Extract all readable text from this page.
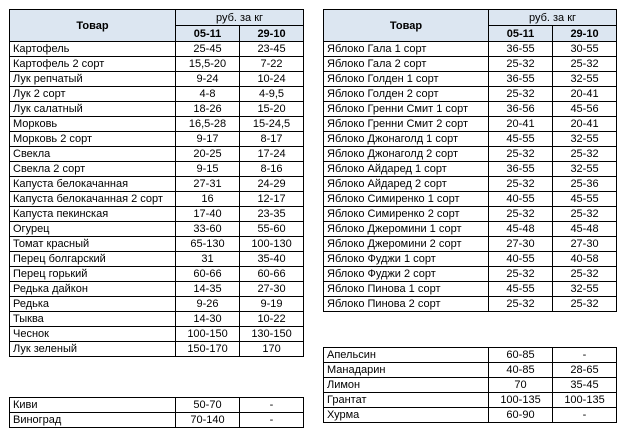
Товар	руб. за кг	
	05-11	29-10
Картофель	25-45	23-45
Картофель 2 сорт	15,5-20	7-22
Лук репчатый	9-24	10-24
Лук 2 сорт	4-8	4-9,5
Лук салатный	18-26	15-20
Морковь	16,5-28	15-24,5
Морковь 2 сорт	9-17	8-17
Свекла	20-25	17-24
Свекла 2 сорт	9-15	8-16
Капуста белокачанная	27-31	24-29
Капуста белокачанная 2 сорт	16	12-17
Капуста пекинская	17-40	23-35
Огурец	33-60	55-60
Томат красный	65-130	100-130
Перец болгарский	31	35-40
Перец горький	60-66	60-66
Редька дайкон	14-35	27-30
Редька	9-26	9-19
Тыква	14-30	10-22
Чеснок	100-150	130-150
Лук зеленый	150-170	170
Киви	50-70	-
Виноград	70-140	-
Товар	руб. за кг	
	05-11	29-10
Яблоко Гала 1 сорт	36-55	30-55
Яблоко Гала 2 сорт	25-32	25-32
Яблоко Голден 1 сорт	36-55	32-55
Яблоко Голден 2 сорт	25-32	20-41
Яблоко Гренни Смит 1 сорт	36-56	45-56
Яблоко Гренни Смит 2 сорт	20-41	20-41
Яблоко Джонаголд 1 сорт	45-55	32-55
Яблоко Джонаголд 2 сорт	25-32	25-32
Яблоко Айдаред 1 сорт	36-55	32-55
Яблоко Айдаред 2 сорт	25-32	25-36
Яблоко Симиренко 1 сорт	40-55	45-55
Яблоко Симиренко 2 сорт	25-32	25-32
Яблоко Джеромини 1 сорт	45-48	45-48
Яблоко Джеромини 2 сорт	27-30	27-30
Яблоко Фуджи 1 сорт	40-55	40-58
Яблоко Фуджи 2 сорт	25-32	25-32
Яблоко Пинова 1 сорт	45-55	32-55
Яблоко Пинова 2 сорт	25-32	25-32
Апельсин	60-85	-
Манадарин	40-85	28-65
Лимон	70	35-45
Грантат	100-135	100-135
Хурма	60-90	-
